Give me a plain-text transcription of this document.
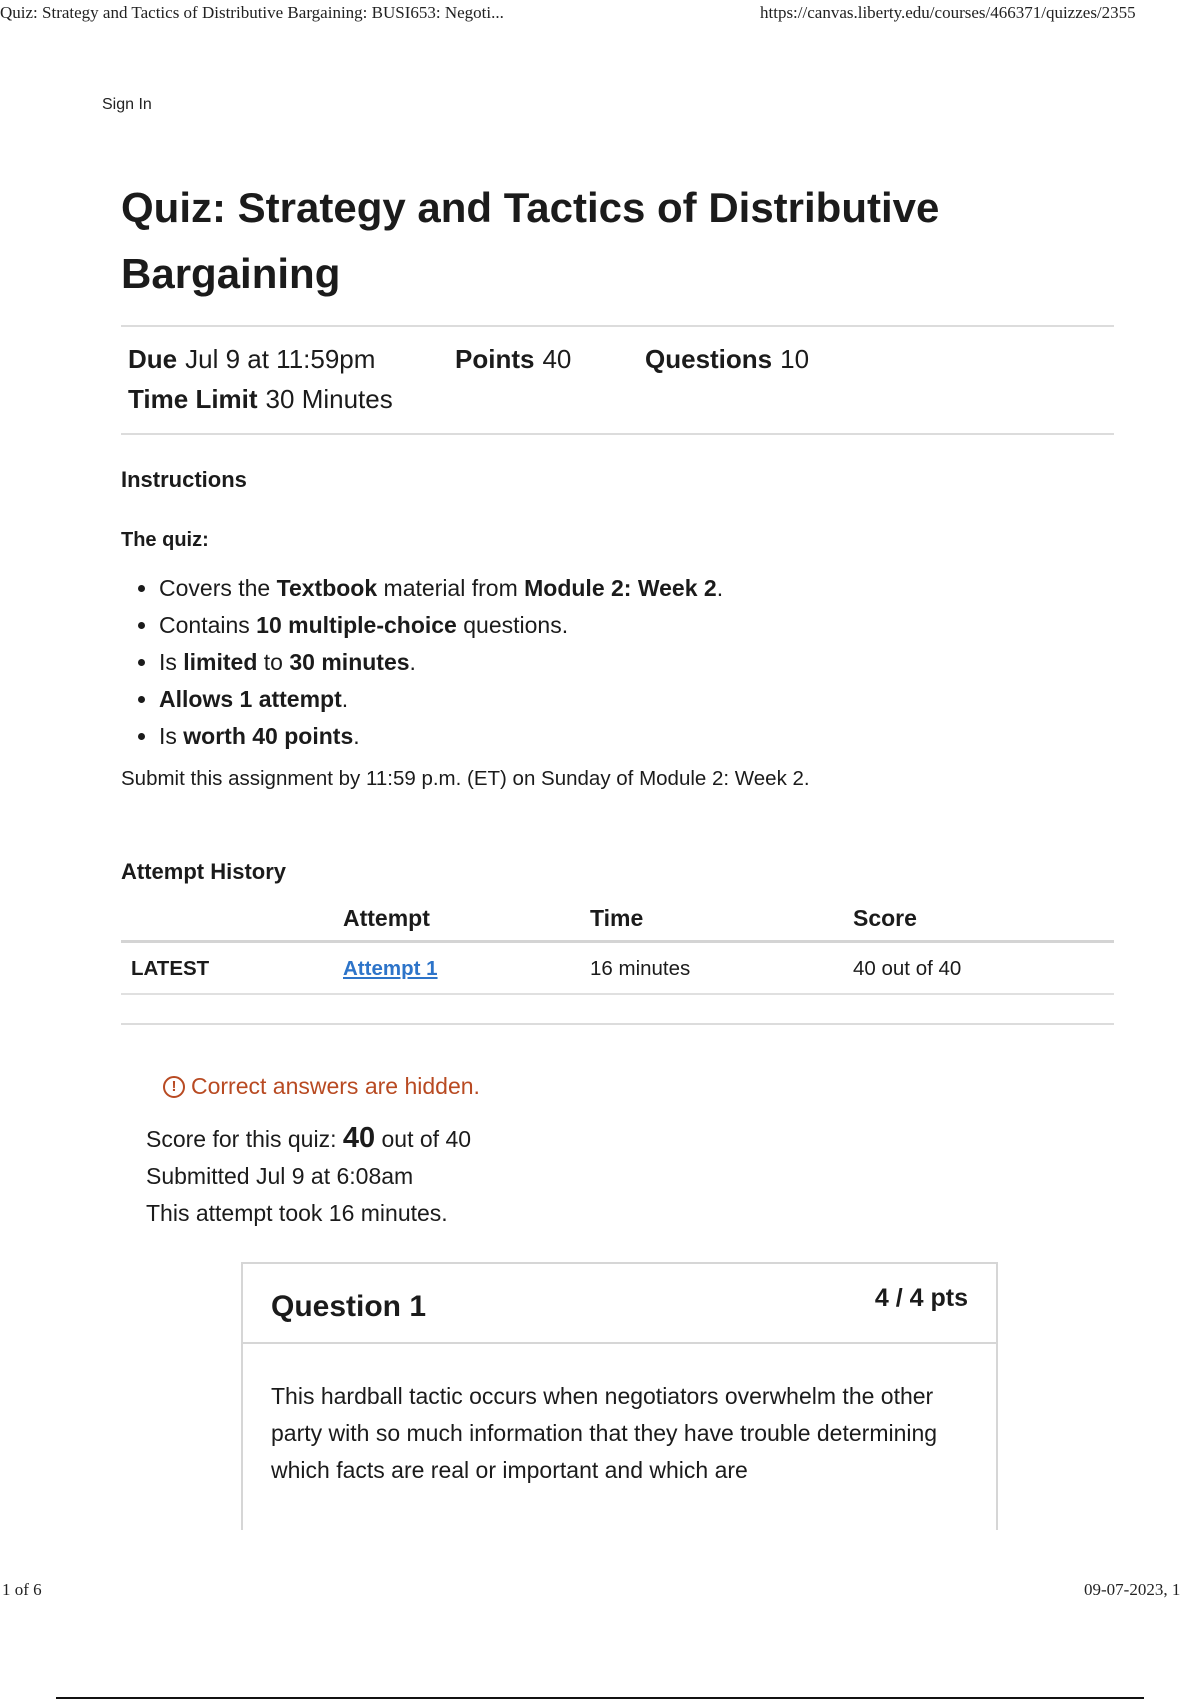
Quiz: Strategy and Tactics of Distributive Bargaining: BUSI653: Negoti...	https://canvas.liberty.edu/courses/466371/quizzes/2355
Sign In
Quiz: Strategy and Tactics of Distributive Bargaining
Due Jul 9 at 11:59pm	Points 40	Questions 10
Time Limit 30 Minutes
Instructions
The quiz:
• Covers the Textbook material from Module 2: Week 2.
• Contains 10 multiple-choice questions.
• Is limited to 30 minutes.
• Allows 1 attempt.
• Is worth 40 points.
Submit this assignment by 11:59 p.m. (ET) on Sunday of Module 2: Week 2.
Attempt History
	Attempt	Time	Score
LATEST	Attempt 1	16 minutes	40 out of 40
! Correct answers are hidden.
Score for this quiz: 40 out of 40
Submitted Jul 9 at 6:08am
This attempt took 16 minutes.
Question 1	4 / 4 pts
This hardball tactic occurs when negotiators overwhelm the other party with so much information that they have trouble determining which facts are real or important and which are
1 of 6	09-07-2023, 1
